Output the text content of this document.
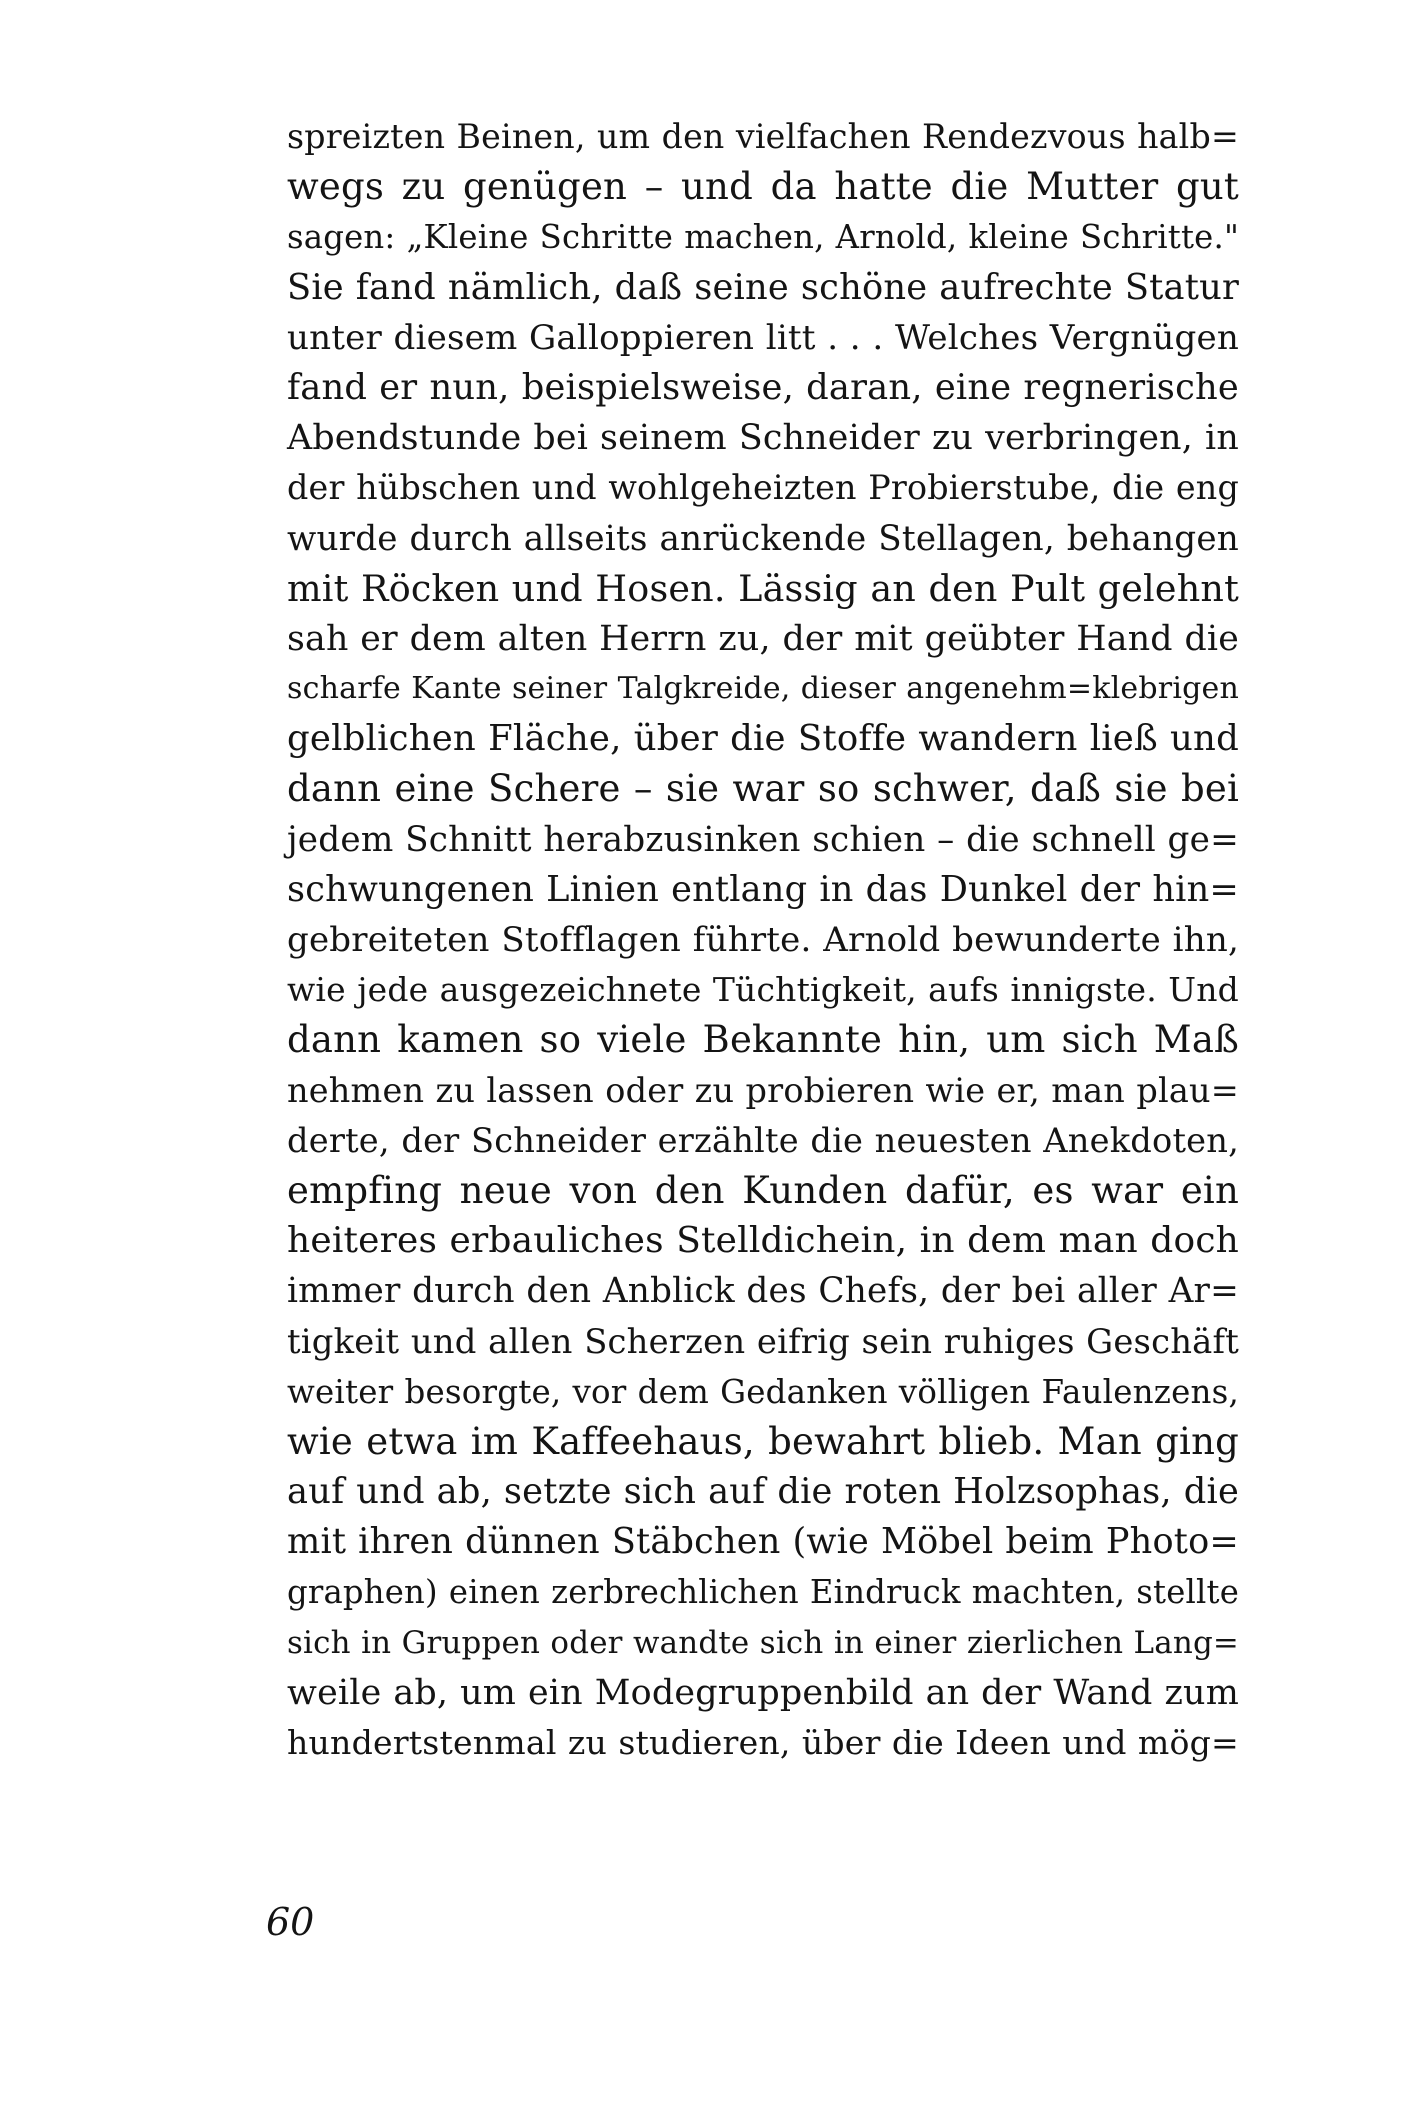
spreizten Beinen, um den vielfachen Rendezvous halb=
wegs zu genügen – und da hatte die Mutter gut
sagen: „Kleine Schritte machen, Arnold, kleine Schritte."
Sie fand nämlich, daß seine schöne aufrechte Statur
unter diesem Galloppieren litt . . . Welches Vergnügen
fand er nun, beispielsweise, daran, eine regnerische
Abendstunde bei seinem Schneider zu verbringen, in
der hübschen und wohlgeheizten Probierstube, die eng
wurde durch allseits anrückende Stellagen, behangen
mit Röcken und Hosen. Lässig an den Pult gelehnt
sah er dem alten Herrn zu, der mit geübter Hand die
scharfe Kante seiner Talgkreide, dieser angenehm=klebrigen
gelblichen Fläche, über die Stoffe wandern ließ und
dann eine Schere – sie war so schwer, daß sie bei
jedem Schnitt herabzusinken schien – die schnell ge=
schwungenen Linien entlang in das Dunkel der hin=
gebreiteten Stofflagen führte. Arnold bewunderte ihn,
wie jede ausgezeichnete Tüchtigkeit, aufs innigste. Und
dann kamen so viele Bekannte hin, um sich Maß
nehmen zu lassen oder zu probieren wie er, man plau=
derte, der Schneider erzählte die neuesten Anekdoten,
empfing neue von den Kunden dafür, es war ein
heiteres erbauliches Stelldichein, in dem man doch
immer durch den Anblick des Chefs, der bei aller Ar=
tigkeit und allen Scherzen eifrig sein ruhiges Geschäft
weiter besorgte, vor dem Gedanken völligen Faulenzens,
wie etwa im Kaffeehaus, bewahrt blieb. Man ging
auf und ab, setzte sich auf die roten Holzsophas, die
mit ihren dünnen Stäbchen (wie Möbel beim Photo=
graphen) einen zerbrechlichen Eindruck machten, stellte
sich in Gruppen oder wandte sich in einer zierlichen Lang=
weile ab, um ein Modegruppenbild an der Wand zum
hundertstenmal zu studieren, über die Ideen und mög=
60
